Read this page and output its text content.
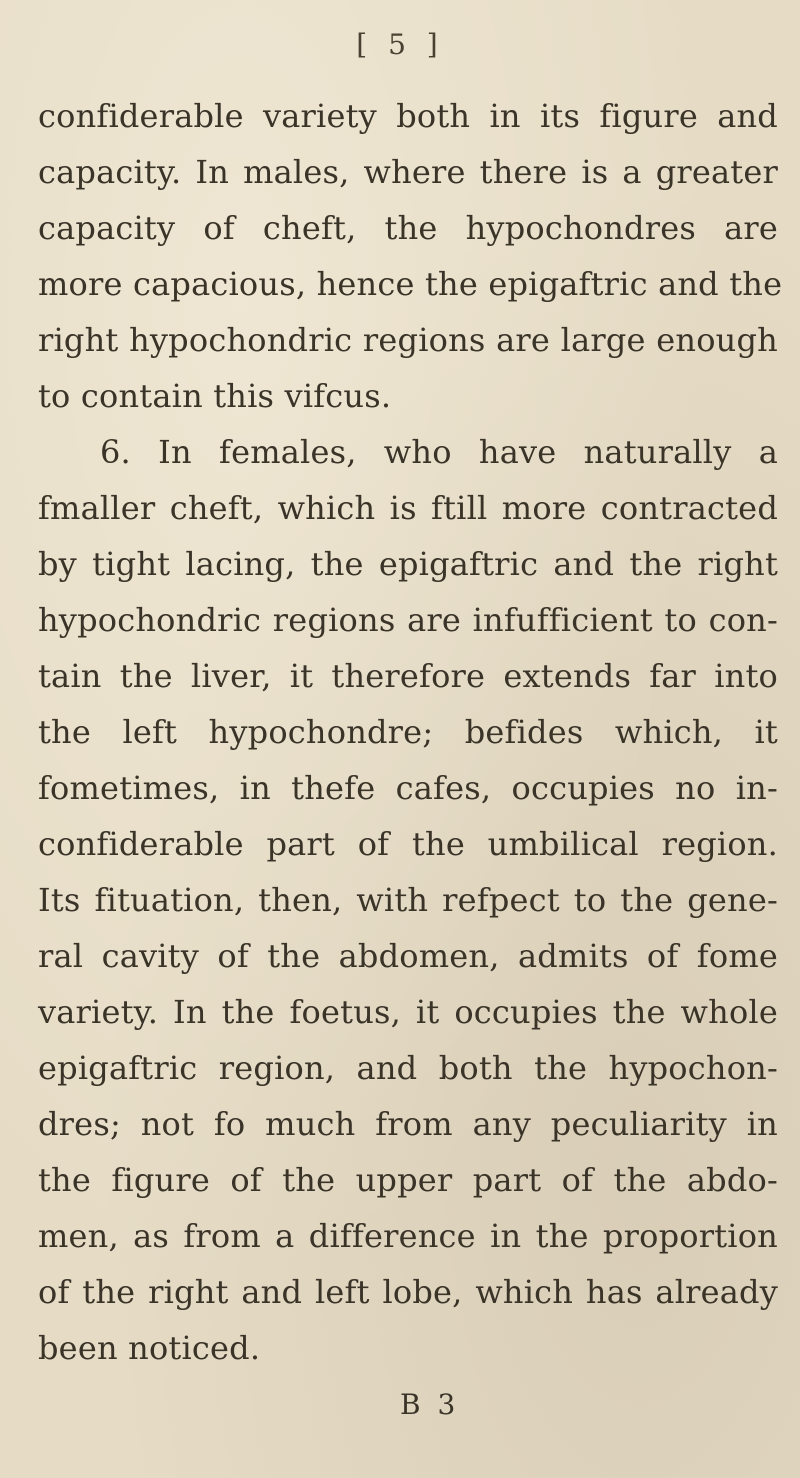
[ 5 ]
confiderable variety both in its figure and
capacity. In males, where there is a greater
capacity of cheft, the hypochondres are
more capacious, hence the epigaftric and the
right hypochondric regions are large enough
to contain this vifcus.
6. In females, who have naturally a
fmaller cheft, which is ftill more contracted
by tight lacing, the epigaftric and the right
hypochondric regions are infufficient to con-
tain the liver, it therefore extends far into
the left hypochondre; befides which, it
fometimes, in thefe cafes, occupies no in-
confiderable part of the umbilical region.
Its fituation, then, with refpect to the gene-
ral cavity of the abdomen, admits of fome
variety. In the foetus, it occupies the whole
epigaftric region, and both the hypochon-
dres; not fo much from any peculiarity in
the figure of the upper part of the abdo-
men, as from a difference in the proportion
of the right and left lobe, which has already
been noticed.
B 3
